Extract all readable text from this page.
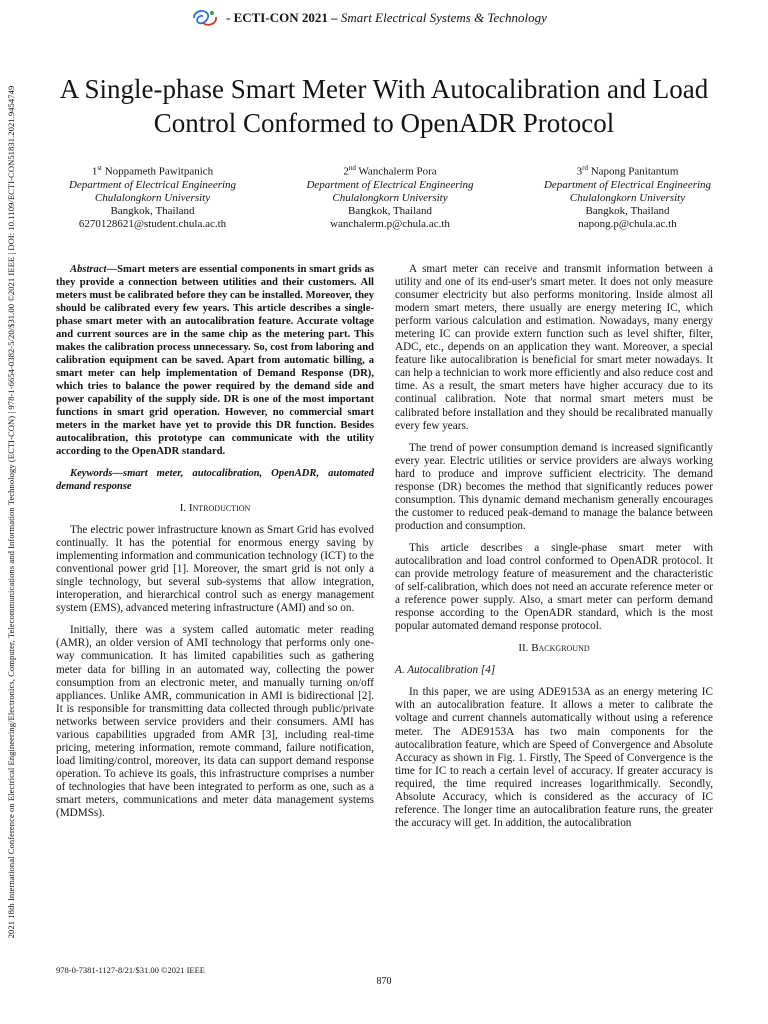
2021 18th International Conference on Electrical Engineering/Electronics, Computer, Telecommunications and Information Technology (ECTI-CON) | 978-1-6654-0382-5/20/$31.00 ©2021 IEEE | DOI: 10.1109/ECTI-CON51831.2021.9454749
- ECTI-CON 2021 – Smart Electrical Systems & Technology
A Single-phase Smart Meter With Autocalibration and Load Control Conformed to OpenADR Protocol
1st Noppameth Pawitpanich
Department of Electrical Engineering
Chulalongkorn University
Bangkok, Thailand
6270128621@student.chula.ac.th
2nd Wanchalerm Pora
Department of Electrical Engineering
Chulalongkorn University
Bangkok, Thailand
wanchalerm.p@chula.ac.th
3rd Napong Panitantum
Department of Electrical Engineering
Chulalongkorn University
Bangkok, Thailand
napong.p@chula.ac.th

Abstract—Smart meters are essential components in smart grids as they provide a connection between utilities and their customers. All meters must be calibrated before they can be installed. Moreover, they should be calibrated every few years. This article describes a single-phase smart meter with an autocalibration feature. Accurate voltage and current sources are in the same chip as the metering part. This makes the calibration process unnecessary. So, cost from laboring and calibration equipment can be saved. Apart from automatic billing, a smart meter can help implementation of Demand Response (DR), which tries to balance the power required by the demand side and power capability of the supply side. DR is one of the most important functions in smart grid operation. However, no commercial smart meters in the market have yet to provide this DR function. Besides autocalibration, this prototype can communicate with the utility according to the OpenADR standard.

Keywords—smart meter, autocalibration, OpenADR, automated demand response

I. Introduction

The electric power infrastructure known as Smart Grid has evolved continually. It has the potential for enormous energy saving by implementing information and communication technology (ICT) to the conventional power grid [1]. Moreover, the smart grid is not only a single technology, but several sub-systems that allow integration, interoperation, and hierarchical control such as energy management system (EMS), advanced metering infrastructure (AMI) and so on.

Initially, there was a system called automatic meter reading (AMR), an older version of AMI technology that performs only one-way communication. It has limited capabilities such as gathering meter data for billing in an automated way, collecting the power consumption from an electronic meter, and manually turning on/off appliances. Unlike AMR, communication in AMI is bidirectional [2]. It is responsible for transmitting data collected through public/private networks between service providers and their consumers. AMI has various capabilities upgraded from AMR [3], including real-time pricing, metering information, remote command, failure notification, load limiting/control, moreover, its data can support demand response operation. To achieve its goals, this infrastructure comprises a number of technologies that have been integrated to perform as one, such as a smart meters, communications and meter data management systems (MDMSs).

A smart meter can receive and transmit information between a utility and one of its end-user's smart meter. It does not only measure consumer electricity but also performs monitoring. Inside almost all modern smart meters, there usually are energy metering IC, which perform various calculation and estimation. Nowadays, many energy metering IC can provide extern function such as level shifter, filter, ADC, etc., depends on an application they want. Moreover, a special feature like autocalibration is beneficial for smart meter nowadays. It can help a technician to work more efficiently and also reduce cost and time. As a result, the smart meters have higher accuracy due to its continual calibration. Note that normal smart meters must be calibrated before installation and they should be recalibrated manually every few years.

The trend of power consumption demand is increased significantly every year. Electric utilities or service providers are always working hard to produce and improve sufficient electricity. The demand response (DR) becomes the method that significantly reduces power consumption. This dynamic demand mechanism generally encourages the customer to reduced peak-demand to manage the balance between production and consumption.

This article describes a single-phase smart meter with autocalibration and load control conformed to OpenADR protocol. It can provide metrology feature of measurement and the characteristic of self-calibration, which does not need an accurate reference meter or a reference power supply. Also, a smart meter can perform demand response according to the OpenADR standard, which is the most popular automated demand response protocol.

II. Background

A. Autocalibration [4]

In this paper, we are using ADE9153A as an energy metering IC with an autocalibration feature. It allows a meter to calibrate the voltage and current channels automatically without using a reference meter. The ADE9153A has two main components for the autocalibration feature, which are Speed of Convergence and Absolute Accuracy as shown in Fig. 1. Firstly, The Speed of Convergence is the time for IC to reach a certain level of accuracy. If greater accuracy is required, the time required increases logarithmically. Secondly, Absolute Accuracy, which is considered as the accuracy of IC reference. The longer time an autocalibration feature runs, the greater the accuracy will get. In addition, the autocalibration

978-0-7381-1127-8/21/$31.00 ©2021 IEEE
870
